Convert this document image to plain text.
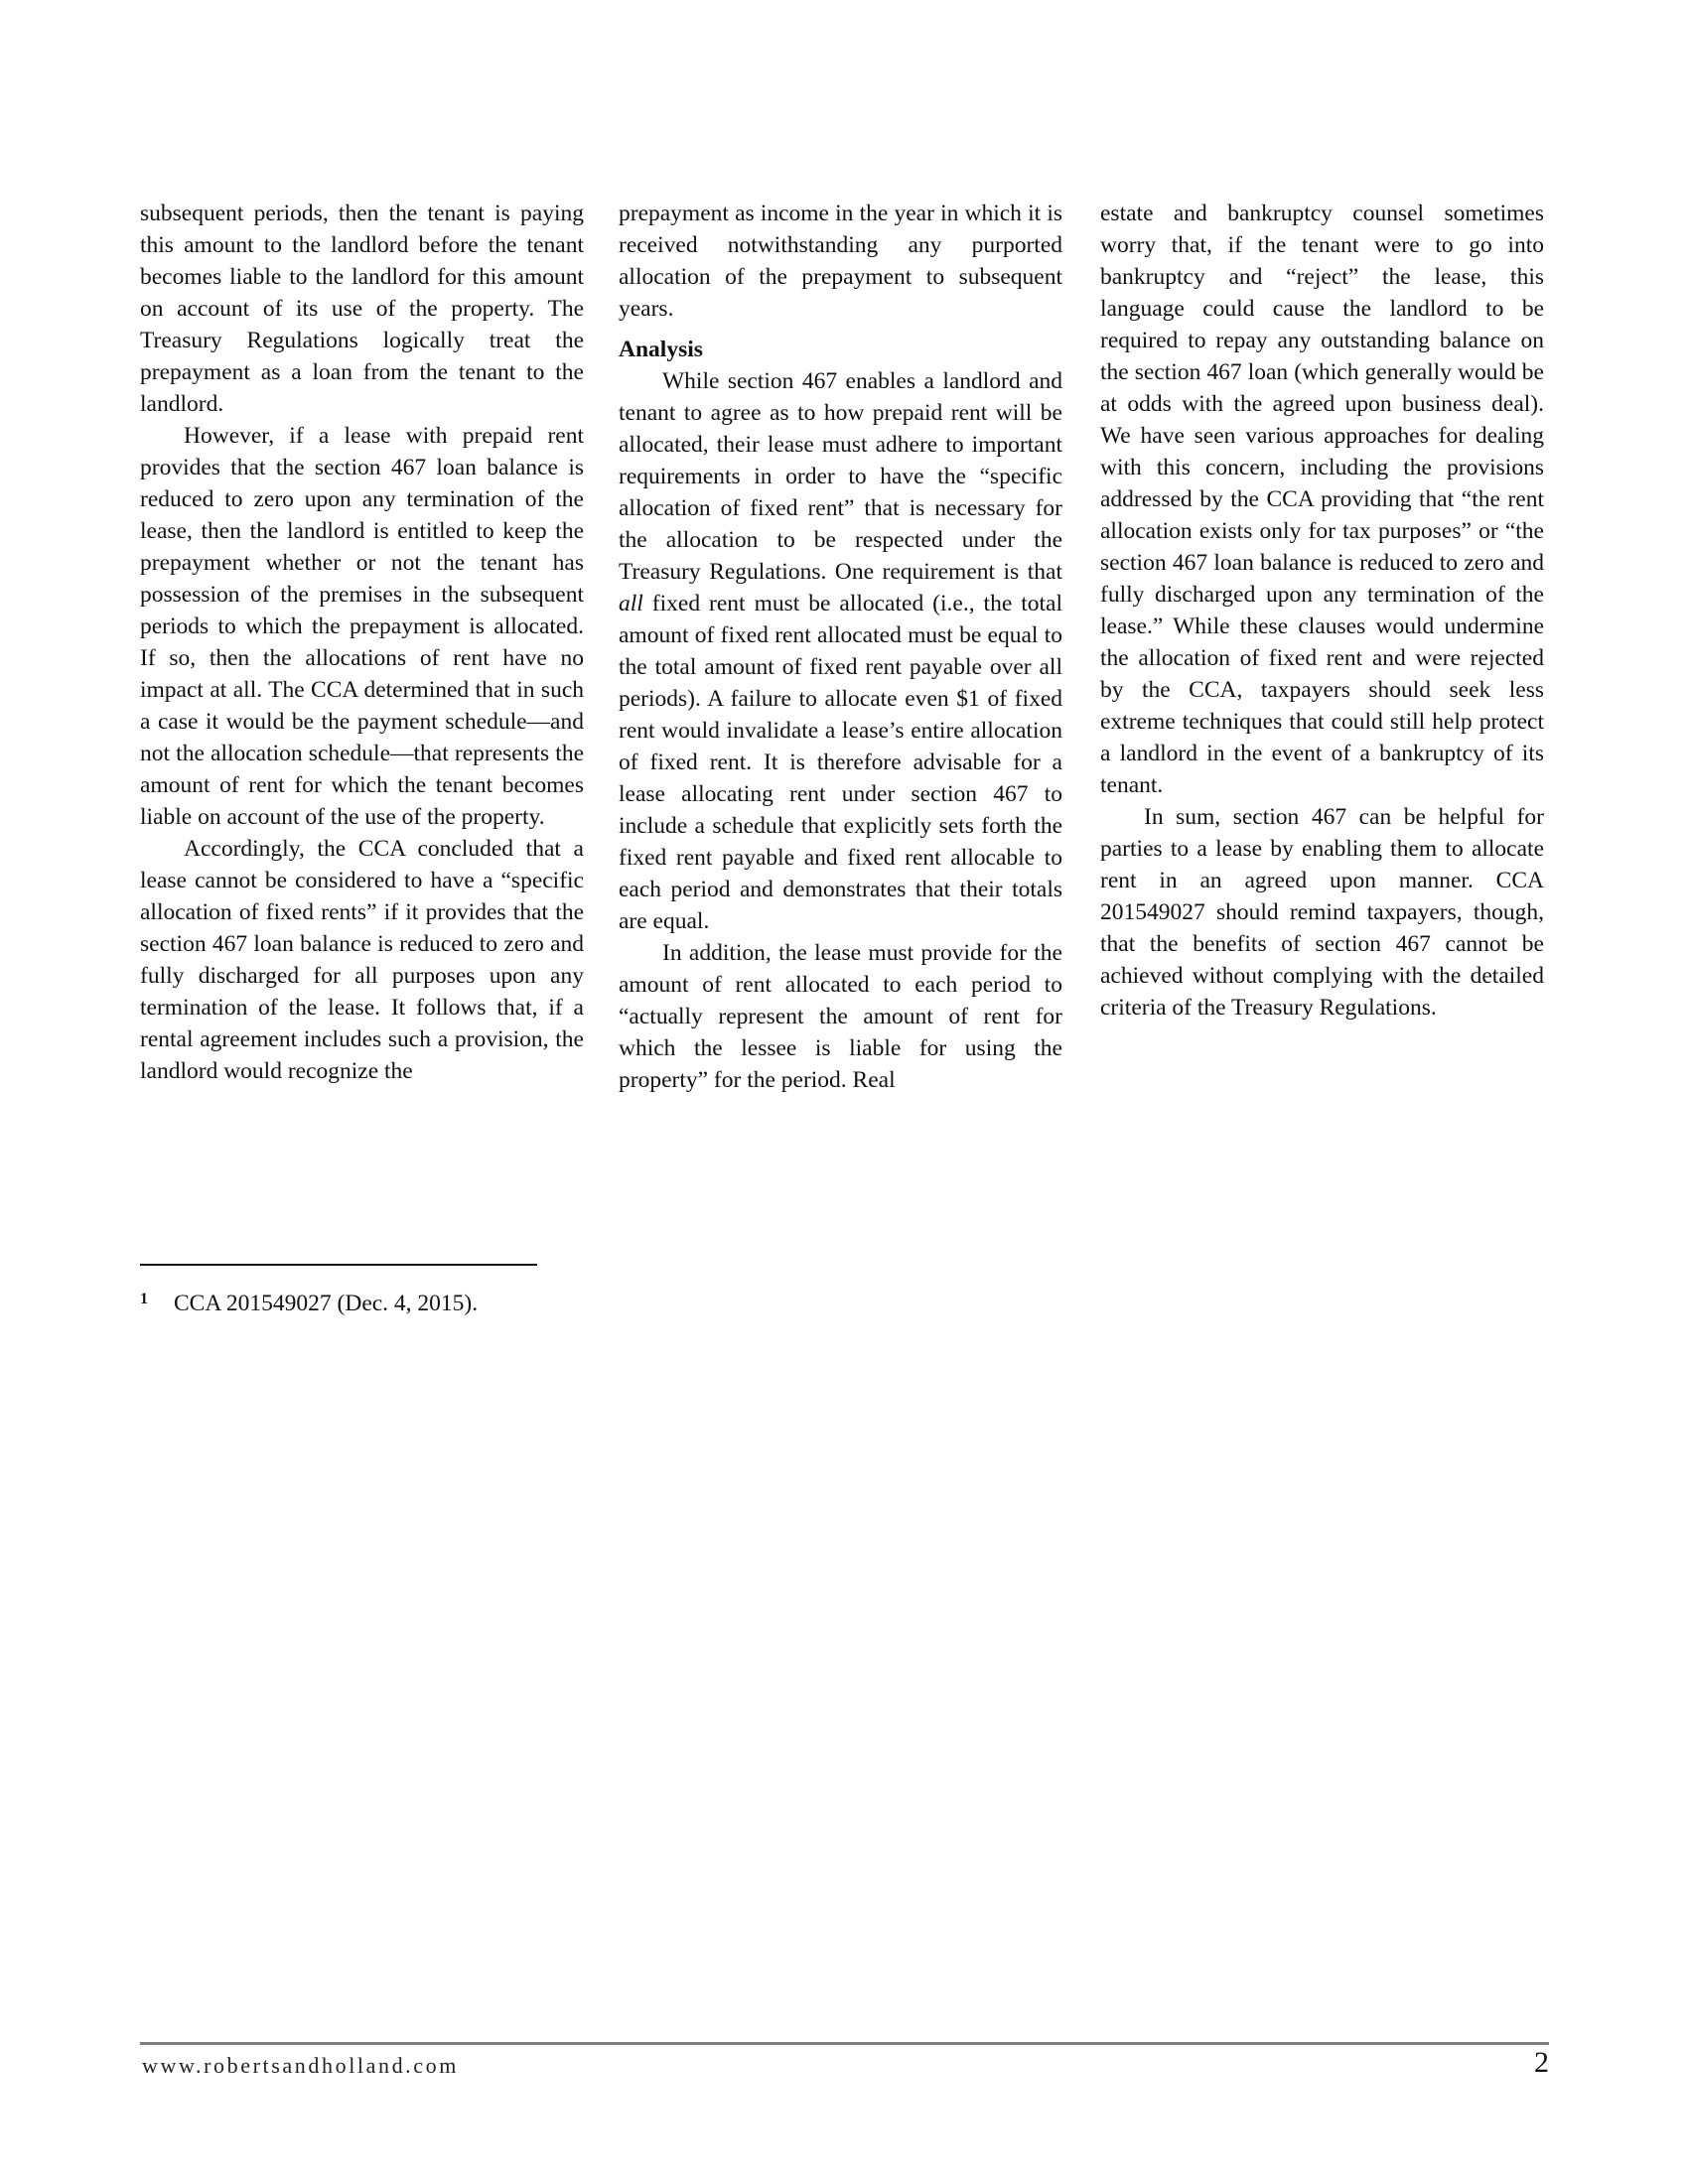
subsequent periods, then the tenant is paying this amount to the landlord before the tenant becomes liable to the landlord for this amount on account of its use of the property. The Treasury Regulations logically treat the prepayment as a loan from the tenant to the landlord.

However, if a lease with prepaid rent provides that the section 467 loan balance is reduced to zero upon any termination of the lease, then the landlord is entitled to keep the prepayment whether or not the tenant has possession of the premises in the subsequent periods to which the prepayment is allocated. If so, then the allocations of rent have no impact at all. The CCA determined that in such a case it would be the payment schedule—and not the allocation schedule—that represents the amount of rent for which the tenant becomes liable on account of the use of the property.

Accordingly, the CCA concluded that a lease cannot be considered to have a “specific allocation of fixed rents” if it provides that the section 467 loan balance is reduced to zero and fully discharged for all purposes upon any termination of the lease. It follows that, if a rental agreement includes such a provision, the landlord would recognize the

prepayment as income in the year in which it is received notwithstanding any purported allocation of the prepayment to subsequent years.

Analysis

While section 467 enables a landlord and tenant to agree as to how prepaid rent will be allocated, their lease must adhere to important requirements in order to have the “specific allocation of fixed rent” that is necessary for the allocation to be respected under the Treasury Regulations. One requirement is that all fixed rent must be allocated (i.e., the total amount of fixed rent allocated must be equal to the total amount of fixed rent payable over all periods). A failure to allocate even $1 of fixed rent would invalidate a lease’s entire allocation of fixed rent. It is therefore advisable for a lease allocating rent under section 467 to include a schedule that explicitly sets forth the fixed rent payable and fixed rent allocable to each period and demonstrates that their totals are equal.

In addition, the lease must provide for the amount of rent allocated to each period to “actually represent the amount of rent for which the lessee is liable for using the property” for the period. Real

estate and bankruptcy counsel sometimes worry that, if the tenant were to go into bankruptcy and “reject” the lease, this language could cause the landlord to be required to repay any outstanding balance on the section 467 loan (which generally would be at odds with the agreed upon business deal). We have seen various approaches for dealing with this concern, including the provisions addressed by the CCA providing that “the rent allocation exists only for tax purposes” or “the section 467 loan balance is reduced to zero and fully discharged upon any termination of the lease.” While these clauses would undermine the allocation of fixed rent and were rejected by the CCA, taxpayers should seek less extreme techniques that could still help protect a landlord in the event of a bankruptcy of its tenant.

In sum, section 467 can be helpful for parties to a lease by enabling them to allocate rent in an agreed upon manner. CCA 201549027 should remind taxpayers, though, that the benefits of section 467 cannot be achieved without complying with the detailed criteria of the Treasury Regulations.

1 CCA 201549027 (Dec. 4, 2015).
www.robertsandholland.com	2
